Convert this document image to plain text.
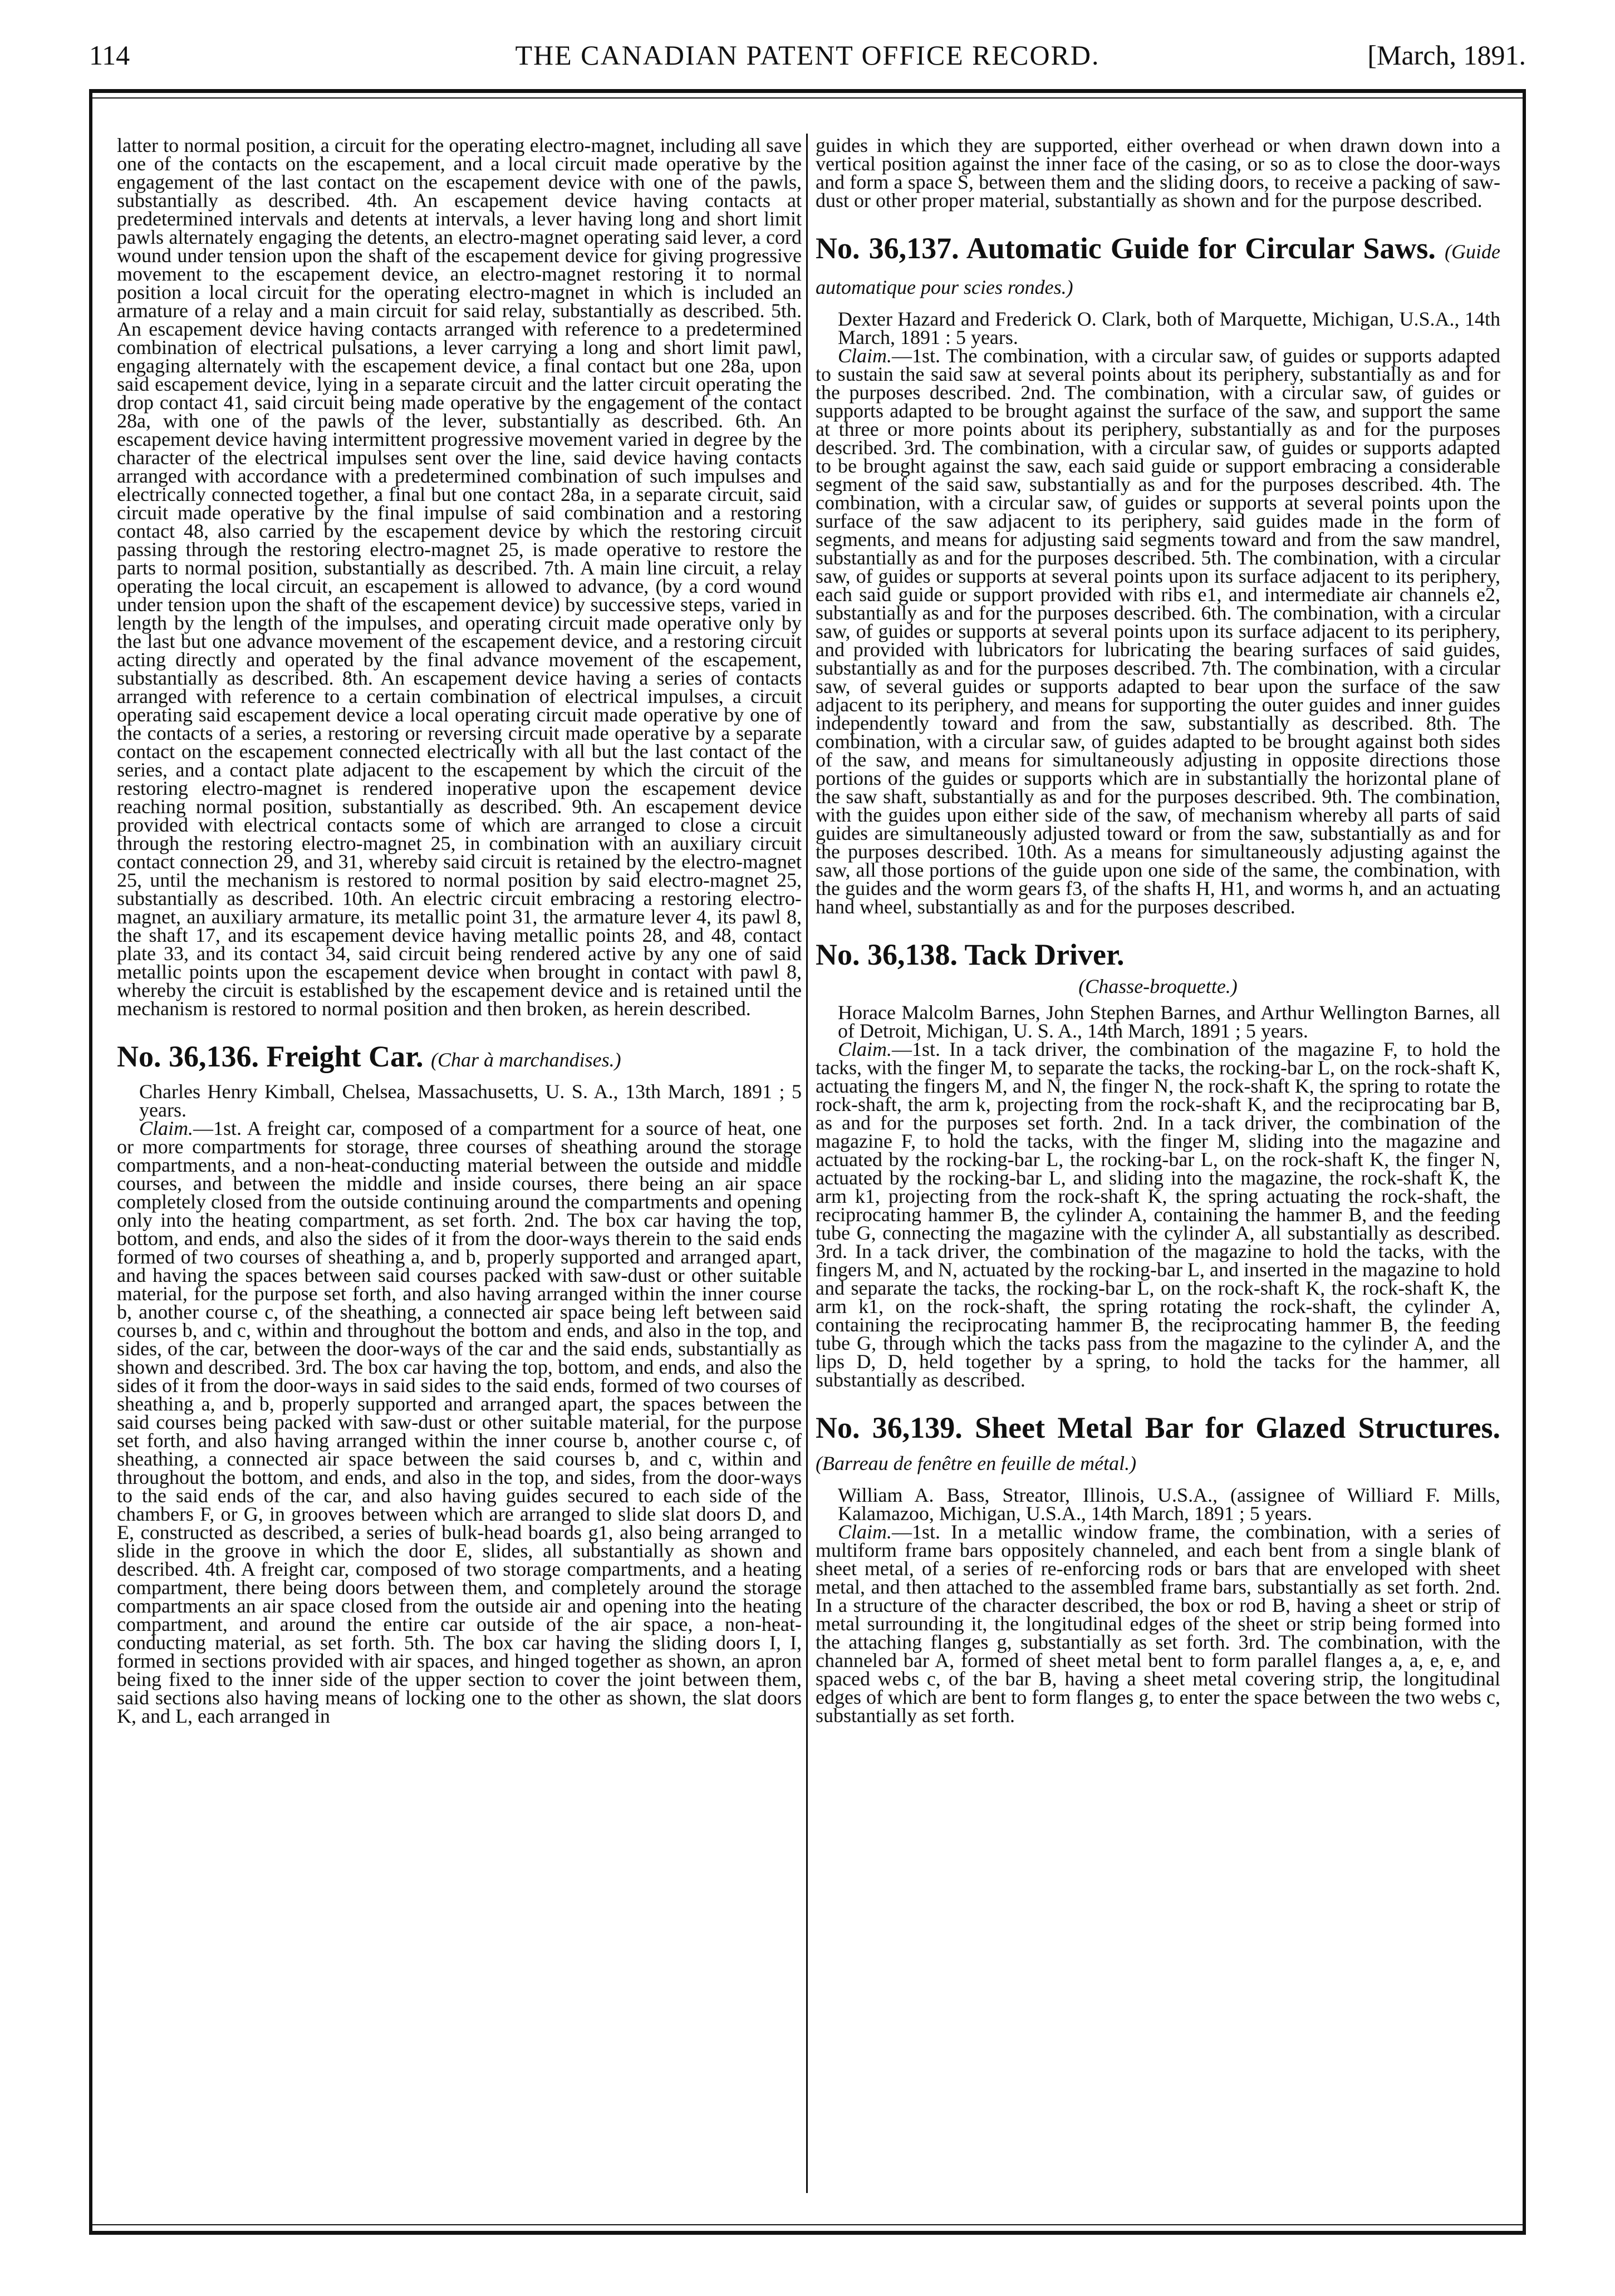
114	THE CANADIAN PATENT OFFICE RECORD.	[March, 1891.

latter to normal position, a circuit for the operating electro-magnet, including all save one of the contacts on the escapement, and a local circuit made operative by the engagement of the last contact on the escapement device with one of the pawls, substantially as described. 4th. An escapement device having contacts at predetermined intervals and detents at intervals, a lever having long and short limit pawls alternately engaging the detents, an electro-magnet operating said lever, a cord wound under tension upon the shaft of the escapement device for giving progressive movement to the escapement device, an electro-magnet restoring it to normal position a local circuit for the operating electro-magnet in which is included an armature of a relay and a main circuit for said relay, substantially as described. 5th. An escapement device having contacts arranged with reference to a predetermined combination of electrical pulsations, a lever carrying a long and short limit pawl, engaging alternately with the escapement device, a final contact but one 28a, upon said escapement device, lying in a separate circuit and the latter circuit operating the drop contact 41, said circuit being made operative by the engagement of the contact 28a, with one of the pawls of the lever, substantially as described. 6th. An escapement device having intermittent progressive movement varied in degree by the character of the electrical impulses sent over the line, said device having contacts arranged with accordance with a predetermined combination of such impulses and electrically connected together, a final but one contact 28a, in a separate circuit, said circuit made operative by the final impulse of said combination and a restoring contact 48, also carried by the escapement device by which the restoring circuit passing through the restoring electro-magnet 25, is made operative to restore the parts to normal position, substantially as described. 7th. A main line circuit, a relay operating the local circuit, an escapement is allowed to advance, (by a cord wound under tension upon the shaft of the escapement device) by successive steps, varied in length by the length of the impulses, and operating circuit made operative only by the last but one advance movement of the escapement device, and a restoring circuit acting directly and operated by the final advance movement of the escapement, substantially as described. 8th. An escapement device having a series of contacts arranged with reference to a certain combination of electrical impulses, a circuit operating said escapement device a local operating circuit made operative by one of the contacts of a series, a restoring or reversing circuit made operative by a separate contact on the escapement connected electrically with all but the last contact of the series, and a contact plate adjacent to the escapement by which the circuit of the restoring electro-magnet is rendered inoperative upon the escapement device reaching normal position, substantially as described. 9th. An escapement device provided with electrical contacts some of which are arranged to close a circuit through the restoring electro-magnet 25, in combination with an auxiliary circuit contact connection 29, and 31, whereby said circuit is retained by the electro-magnet 25, until the mechanism is restored to normal position by said electro-magnet 25, substantially as described. 10th. An electric circuit embracing a restoring electro-magnet, an auxiliary armature, its metallic point 31, the armature lever 4, its pawl 8, the shaft 17, and its escapement device having metallic points 28, and 48, contact plate 33, and its contact 34, said circuit being rendered active by any one of said metallic points upon the escapement device when brought in contact with pawl 8, whereby the circuit is established by the escapement device and is retained until the mechanism is restored to normal position and then broken, as herein described.

No. 36,136. Freight Car. (Char à marchandises.)

Charles Henry Kimball, Chelsea, Massachusetts, U. S. A., 13th March, 1891 ; 5 years.

Claim.—1st. A freight car, composed of a compartment for a source of heat, one or more compartments for storage, three courses of sheathing around the storage compartments, and a non-heat-conducting material between the outside and middle courses, and between the middle and inside courses, there being an air space completely closed from the outside continuing around the compartments and opening only into the heating compartment, as set forth. 2nd. The box car having the top, bottom, and ends, and also the sides of it from the door-ways therein to the said ends formed of two courses of sheathing a, and b, properly supported and arranged apart, and having the spaces between said courses packed with saw-dust or other suitable material, for the purpose set forth, and also having arranged within the inner course b, another course c, of the sheathing, a connected air space being left between said courses b, and c, within and throughout the bottom and ends, and also in the top, and sides, of the car, between the door-ways of the car and the said ends, substantially as shown and described. 3rd. The box car having the top, bottom, and ends, and also the sides of it from the door-ways in said sides to the said ends, formed of two courses of sheathing a, and b, properly supported and arranged apart, the spaces between the said courses being packed with saw-dust or other suitable material, for the purpose set forth, and also having arranged within the inner course b, another course c, of sheathing, a connected air space between the said courses b, and c, within and throughout the bottom, and ends, and also in the top, and sides, from the door-ways to the said ends of the car, and also having guides secured to each side of the chambers F, or G, in grooves between which are arranged to slide slat doors D, and E, constructed as described, a series of bulk-head boards g1, also being arranged to slide in the groove in which the door E, slides, all substantially as shown and described. 4th. A freight car, composed of two storage compartments, and a heating compartment, there being doors between them, and completely around the storage compartments an air space closed from the outside air and opening into the heating compartment, and around the entire car outside of the air space, a non-heat-conducting material, as set forth. 5th. The box car having the sliding doors I, I, formed in sections provided with air spaces, and hinged together as shown, an apron being fixed to the inner side of the upper section to cover the joint between them, said sections also having means of locking one to the other as shown, the slat doors K, and L, each arranged in

guides in which they are supported, either overhead or when drawn down into a vertical position against the inner face of the casing, or so as to close the door-ways and form a space S, between them and the sliding doors, to receive a packing of saw-dust or other proper material, substantially as shown and for the purpose described.

No. 36,137. Automatic Guide for Circular Saws. (Guide automatique pour scies rondes.)

Dexter Hazard and Frederick O. Clark, both of Marquette, Michigan, U.S.A., 14th March, 1891 : 5 years.

Claim.—1st. The combination, with a circular saw, of guides or supports adapted to sustain the said saw at several points about its periphery, substantially as and for the purposes described. 2nd. The combination, with a circular saw, of guides or supports adapted to be brought against the surface of the saw, and support the same at three or more points about its periphery, substantially as and for the purposes described. 3rd. The combination, with a circular saw, of guides or supports adapted to be brought against the saw, each said guide or support embracing a considerable segment of the said saw, substantially as and for the purposes described. 4th. The combination, with a circular saw, of guides or supports at several points upon the surface of the saw adjacent to its periphery, said guides made in the form of segments, and means for adjusting said segments toward and from the saw mandrel, substantially as and for the purposes described. 5th. The combination, with a circular saw, of guides or supports at several points upon its surface adjacent to its periphery, each said guide or support provided with ribs e1, and intermediate air channels e2, substantially as and for the purposes described. 6th. The combination, with a circular saw, of guides or supports at several points upon its surface adjacent to its periphery, and provided with lubricators for lubricating the bearing surfaces of said guides, substantially as and for the purposes described. 7th. The combination, with a circular saw, of several guides or supports adapted to bear upon the surface of the saw adjacent to its periphery, and means for supporting the outer guides and inner guides independently toward and from the saw, substantially as described. 8th. The combination, with a circular saw, of guides adapted to be brought against both sides of the saw, and means for simultaneously adjusting in opposite directions those portions of the guides or supports which are in substantially the horizontal plane of the saw shaft, substantially as and for the purposes described. 9th. The combination, with the guides upon either side of the saw, of mechanism whereby all parts of said guides are simultaneously adjusted toward or from the saw, substantially as and for the purposes described. 10th. As a means for simultaneously adjusting against the saw, all those portions of the guide upon one side of the same, the combination, with the guides and the worm gears f3, of the shafts H, H1, and worms h, and an actuating hand wheel, substantially as and for the purposes described.

No. 36,138. Tack Driver.
(Chasse-broquette.)

Horace Malcolm Barnes, John Stephen Barnes, and Arthur Wellington Barnes, all of Detroit, Michigan, U. S. A., 14th March, 1891 ; 5 years.

Claim.—1st. In a tack driver, the combination of the magazine F, to hold the tacks, with the finger M, to separate the tacks, the rocking-bar L, on the rock-shaft K, actuating the fingers M, and N, the finger N, the rock-shaft K, the spring to rotate the rock-shaft, the arm k, projecting from the rock-shaft K, and the reciprocating bar B, as and for the purposes set forth. 2nd. In a tack driver, the combination of the magazine F, to hold the tacks, with the finger M, sliding into the magazine and actuated by the rocking-bar L, the rocking-bar L, on the rock-shaft K, the finger N, actuated by the rocking-bar L, and sliding into the magazine, the rock-shaft K, the arm k1, projecting from the rock-shaft K, the spring actuating the rock-shaft, the reciprocating hammer B, the cylinder A, containing the hammer B, and the feeding tube G, connecting the magazine with the cylinder A, all substantially as described. 3rd. In a tack driver, the combination of the magazine to hold the tacks, with the fingers M, and N, actuated by the rocking-bar L, and inserted in the magazine to hold and separate the tacks, the rocking-bar L, on the rock-shaft K, the rock-shaft K, the arm k1, on the rock-shaft, the spring rotating the rock-shaft, the cylinder A, containing the reciprocating hammer B, the reciprocating hammer B, the feeding tube G, through which the tacks pass from the magazine to the cylinder A, and the lips D, D, held together by a spring, to hold the tacks for the hammer, all substantially as described.

No. 36,139. Sheet Metal Bar for Glazed Structures. (Barreau de fenêtre en feuille de métal.)

William A. Bass, Streator, Illinois, U.S.A., (assignee of Williard F. Mills, Kalamazoo, Michigan, U.S.A., 14th March, 1891 ; 5 years.

Claim.—1st. In a metallic window frame, the combination, with a series of multiform frame bars oppositely channeled, and each bent from a single blank of sheet metal, of a series of re-enforcing rods or bars that are enveloped with sheet metal, and then attached to the assembled frame bars, substantially as set forth. 2nd. In a structure of the character described, the box or rod B, having a sheet or strip of metal surrounding it, the longitudinal edges of the sheet or strip being formed into the attaching flanges g, substantially as set forth. 3rd. The combination, with the channeled bar A, formed of sheet metal bent to form parallel flanges a, a, e, e, and spaced webs c, of the bar B, having a sheet metal covering strip, the longitudinal edges of which are bent to form flanges g, to enter the space between the two webs c, substantially as set forth.
